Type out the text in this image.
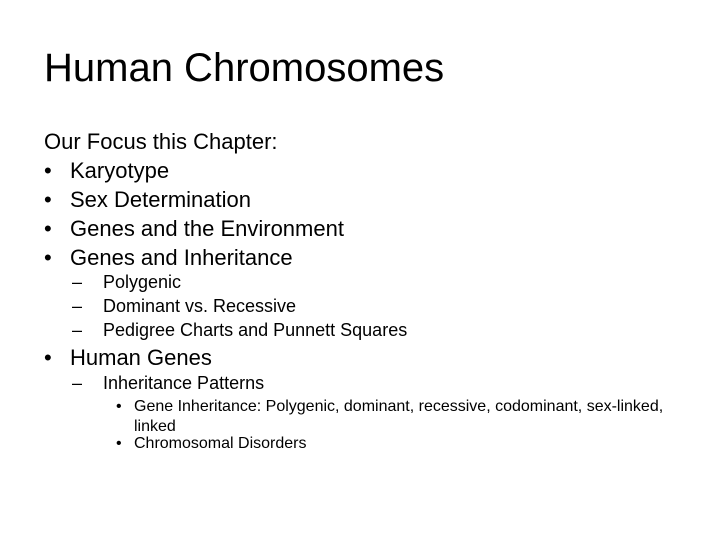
Human Chromosomes
Our Focus this Chapter:
• Karyotype
• Sex Determination
• Genes and the Environment
• Genes and Inheritance
– Polygenic
– Dominant vs. Recessive
– Pedigree Charts and Punnett Squares
• Human Genes
– Inheritance Patterns
• Gene Inheritance: Polygenic, dominant, recessive, codominant, sex-linked, linked
• Chromosomal Disorders
